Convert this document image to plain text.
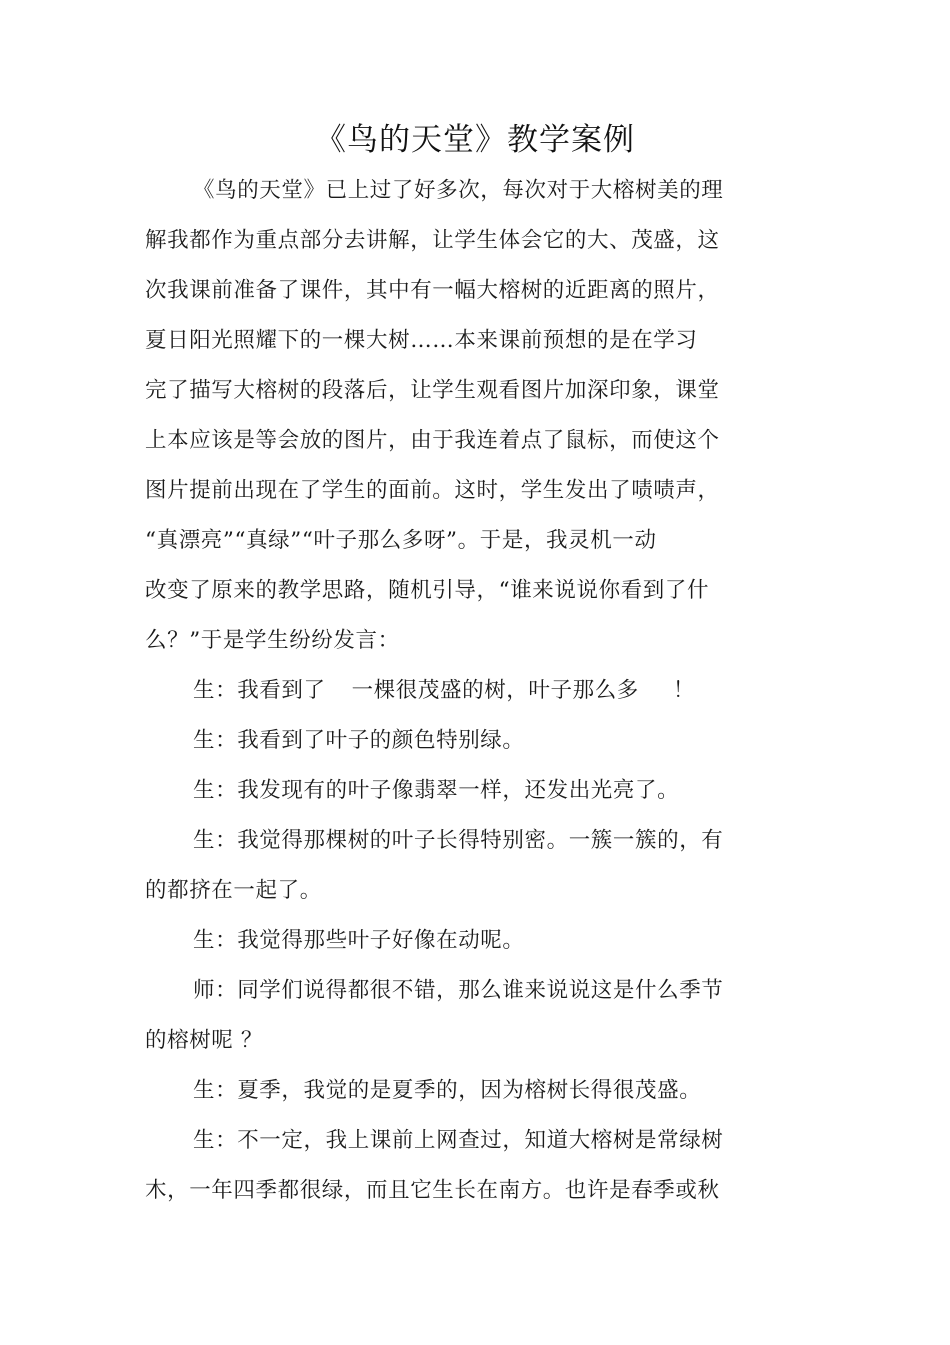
《鸟的天堂》教学案例
《鸟的天堂》已上过了好多次，每次对于大榕树美的理
解我都作为重点部分去讲解，让学生体会它的大、茂盛，这
次我课前准备了课件，其中有一幅大榕树的近距离的照片，
夏日阳光照耀下的一棵大树……本来课前预想的是在学习
完了描写大榕树的段落后，让学生观看图片加深印象，课堂
上本应该是等会放的图片，由于我连着点了鼠标，而使这个
图片提前出现在了学生的面前。这时，学生发出了啧啧声，
“真漂亮”“真绿”“叶子那么多呀”。于是，我灵机一动
改变了原来的教学思路，随机引导，“谁来说说你看到了什
么？”于是学生纷纷发言：
生：我看到了 一棵很茂盛的树，叶子那么多 ！
生：我看到了叶子的颜色特别绿。
生：我发现有的叶子像翡翠一样，还发出光亮了。
生：我觉得那棵树的叶子长得特别密。一簇一簇的，有
的都挤在一起了。
生：我觉得那些叶子好像在动呢。
师：同学们说得都很不错，那么谁来说说这是什么季节
的榕树呢 ？
生：夏季，我觉的是夏季的，因为榕树长得很茂盛。
生：不一定，我上课前上网查过，知道大榕树是常绿树
木，一年四季都很绿，而且它生长在南方。也许是春季或秋
